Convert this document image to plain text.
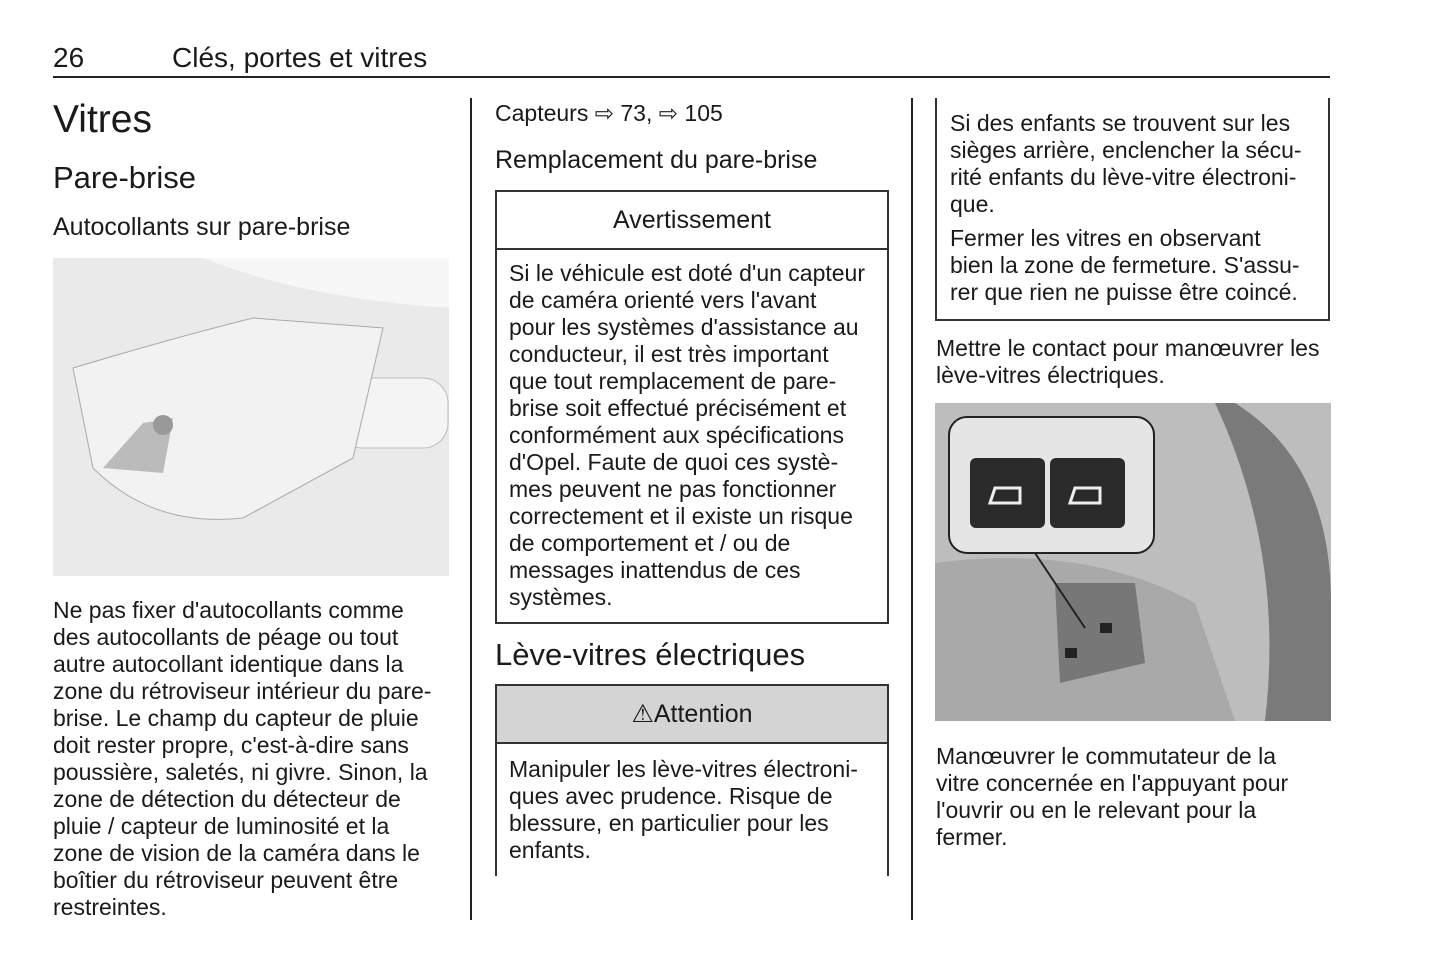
26	Clés, portes et vitres
Vitres
Pare-brise
Autocollants sur pare-brise
Ne pas fixer d'autocollants comme
des autocollants de péage ou tout
autre autocollant identique dans la
zone du rétroviseur intérieur du pare-
brise. Le champ du capteur de pluie
doit rester propre, c'est-à-dire sans
poussière, saletés, ni givre. Sinon, la
zone de détection du détecteur de
pluie / capteur de luminosité et la
zone de vision de la caméra dans le
boîtier du rétroviseur peuvent être
restreintes.
Capteurs ⇨ 73, ⇨ 105
Remplacement du pare-brise
Avertissement
Si le véhicule est doté d'un capteur
de caméra orienté vers l'avant
pour les systèmes d'assistance au
conducteur, il est très important
que tout remplacement de pare-
brise soit effectué précisément et
conformément aux spécifications
d'Opel. Faute de quoi ces systè-
mes peuvent ne pas fonctionner
correctement et il existe un risque
de comportement et / ou de
messages inattendus de ces
systèmes.
Lève-vitres électriques
⚠Attention
Manipuler les lève-vitres électroni-
ques avec prudence. Risque de
blessure, en particulier pour les
enfants.
Si des enfants se trouvent sur les
sièges arrière, enclencher la sécu-
rité enfants du lève-vitre électroni-
que.
Fermer les vitres en observant
bien la zone de fermeture. S'assu-
rer que rien ne puisse être coincé.
Mettre le contact pour manœuvrer les
lève-vitres électriques.
Manœuvrer le commutateur de la
vitre concernée en l'appuyant pour
l'ouvrir ou en le relevant pour la
fermer.
